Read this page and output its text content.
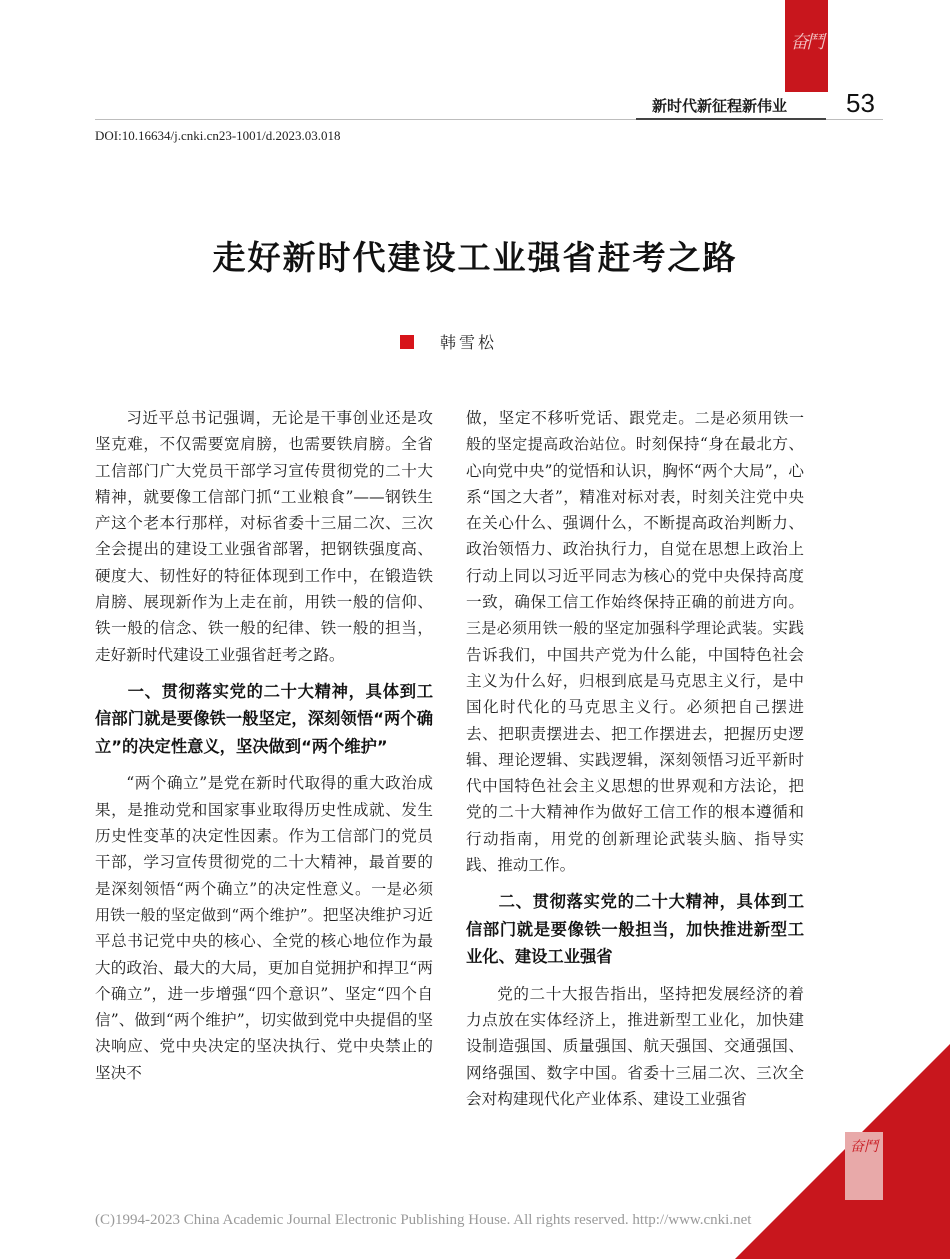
奋鬥
新时代新征程新伟业 53
DOI:10.16634/j.cnki.cn23-1001/d.2023.03.018
走好新时代建设工业强省赶考之路
韩雪松

习近平总书记强调，无论是干事创业还是攻坚克难，不仅需要宽肩膀，也需要铁肩膀。全省工信部门广大党员干部学习宣传贯彻党的二十大精神，就要像工信部门抓“工业粮食”——钢铁生产这个老本行那样，对标省委十三届二次、三次全会提出的建设工业强省部署，把钢铁强度高、硬度大、韧性好的特征体现到工作中，在锻造铁肩膀、展现新作为上走在前，用铁一般的信仰、铁一般的信念、铁一般的纪律、铁一般的担当，走好新时代建设工业强省赶考之路。

一、贯彻落实党的二十大精神，具体到工信部门就是要像铁一般坚定，深刻领悟“两个确立”的决定性意义，坚决做到“两个维护”

“两个确立”是党在新时代取得的重大政治成果，是推动党和国家事业取得历史性成就、发生历史性变革的决定性因素。作为工信部门的党员干部，学习宣传贯彻党的二十大精神，最首要的是深刻领悟“两个确立”的决定性意义。一是必须用铁一般的坚定做到“两个维护”。把坚决维护习近平总书记党中央的核心、全党的核心地位作为最大的政治、最大的大局，更加自觉拥护和捍卫“两个确立”，进一步增强“四个意识”、坚定“四个自信”、做到“两个维护”，切实做到党中央提倡的坚决响应、党中央决定的坚决执行、党中央禁止的坚决不

做，坚定不移听党话、跟党走。二是必须用铁一般的坚定提高政治站位。时刻保持“身在最北方、心向党中央”的觉悟和认识，胸怀“两个大局”，心系“国之大者”，精准对标对表，时刻关注党中央在关心什么、强调什么，不断提高政治判断力、政治领悟力、政治执行力，自觉在思想上政治上行动上同以习近平同志为核心的党中央保持高度一致，确保工信工作始终保持正确的前进方向。三是必须用铁一般的坚定加强科学理论武装。实践告诉我们，中国共产党为什么能，中国特色社会主义为什么好，归根到底是马克思主义行，是中国化时代化的马克思主义行。必须把自己摆进去、把职责摆进去、把工作摆进去，把握历史逻辑、理论逻辑、实践逻辑，深刻领悟习近平新时代中国特色社会主义思想的世界观和方法论，把党的二十大精神作为做好工信工作的根本遵循和行动指南，用党的创新理论武装头脑、指导实践、推动工作。

二、贯彻落实党的二十大精神，具体到工信部门就是要像铁一般担当，加快推进新型工业化、建设工业强省

党的二十大报告指出，坚持把发展经济的着力点放在实体经济上，推进新型工业化，加快建设制造强国、质量强国、航天强国、交通强国、网络强国、数字中国。省委十三届二次、三次全会对构建现代化产业体系、建设工业强省

奋鬥
(C)1994-2023 China Academic Journal Electronic Publishing House. All rights reserved. http://www.cnki.net
